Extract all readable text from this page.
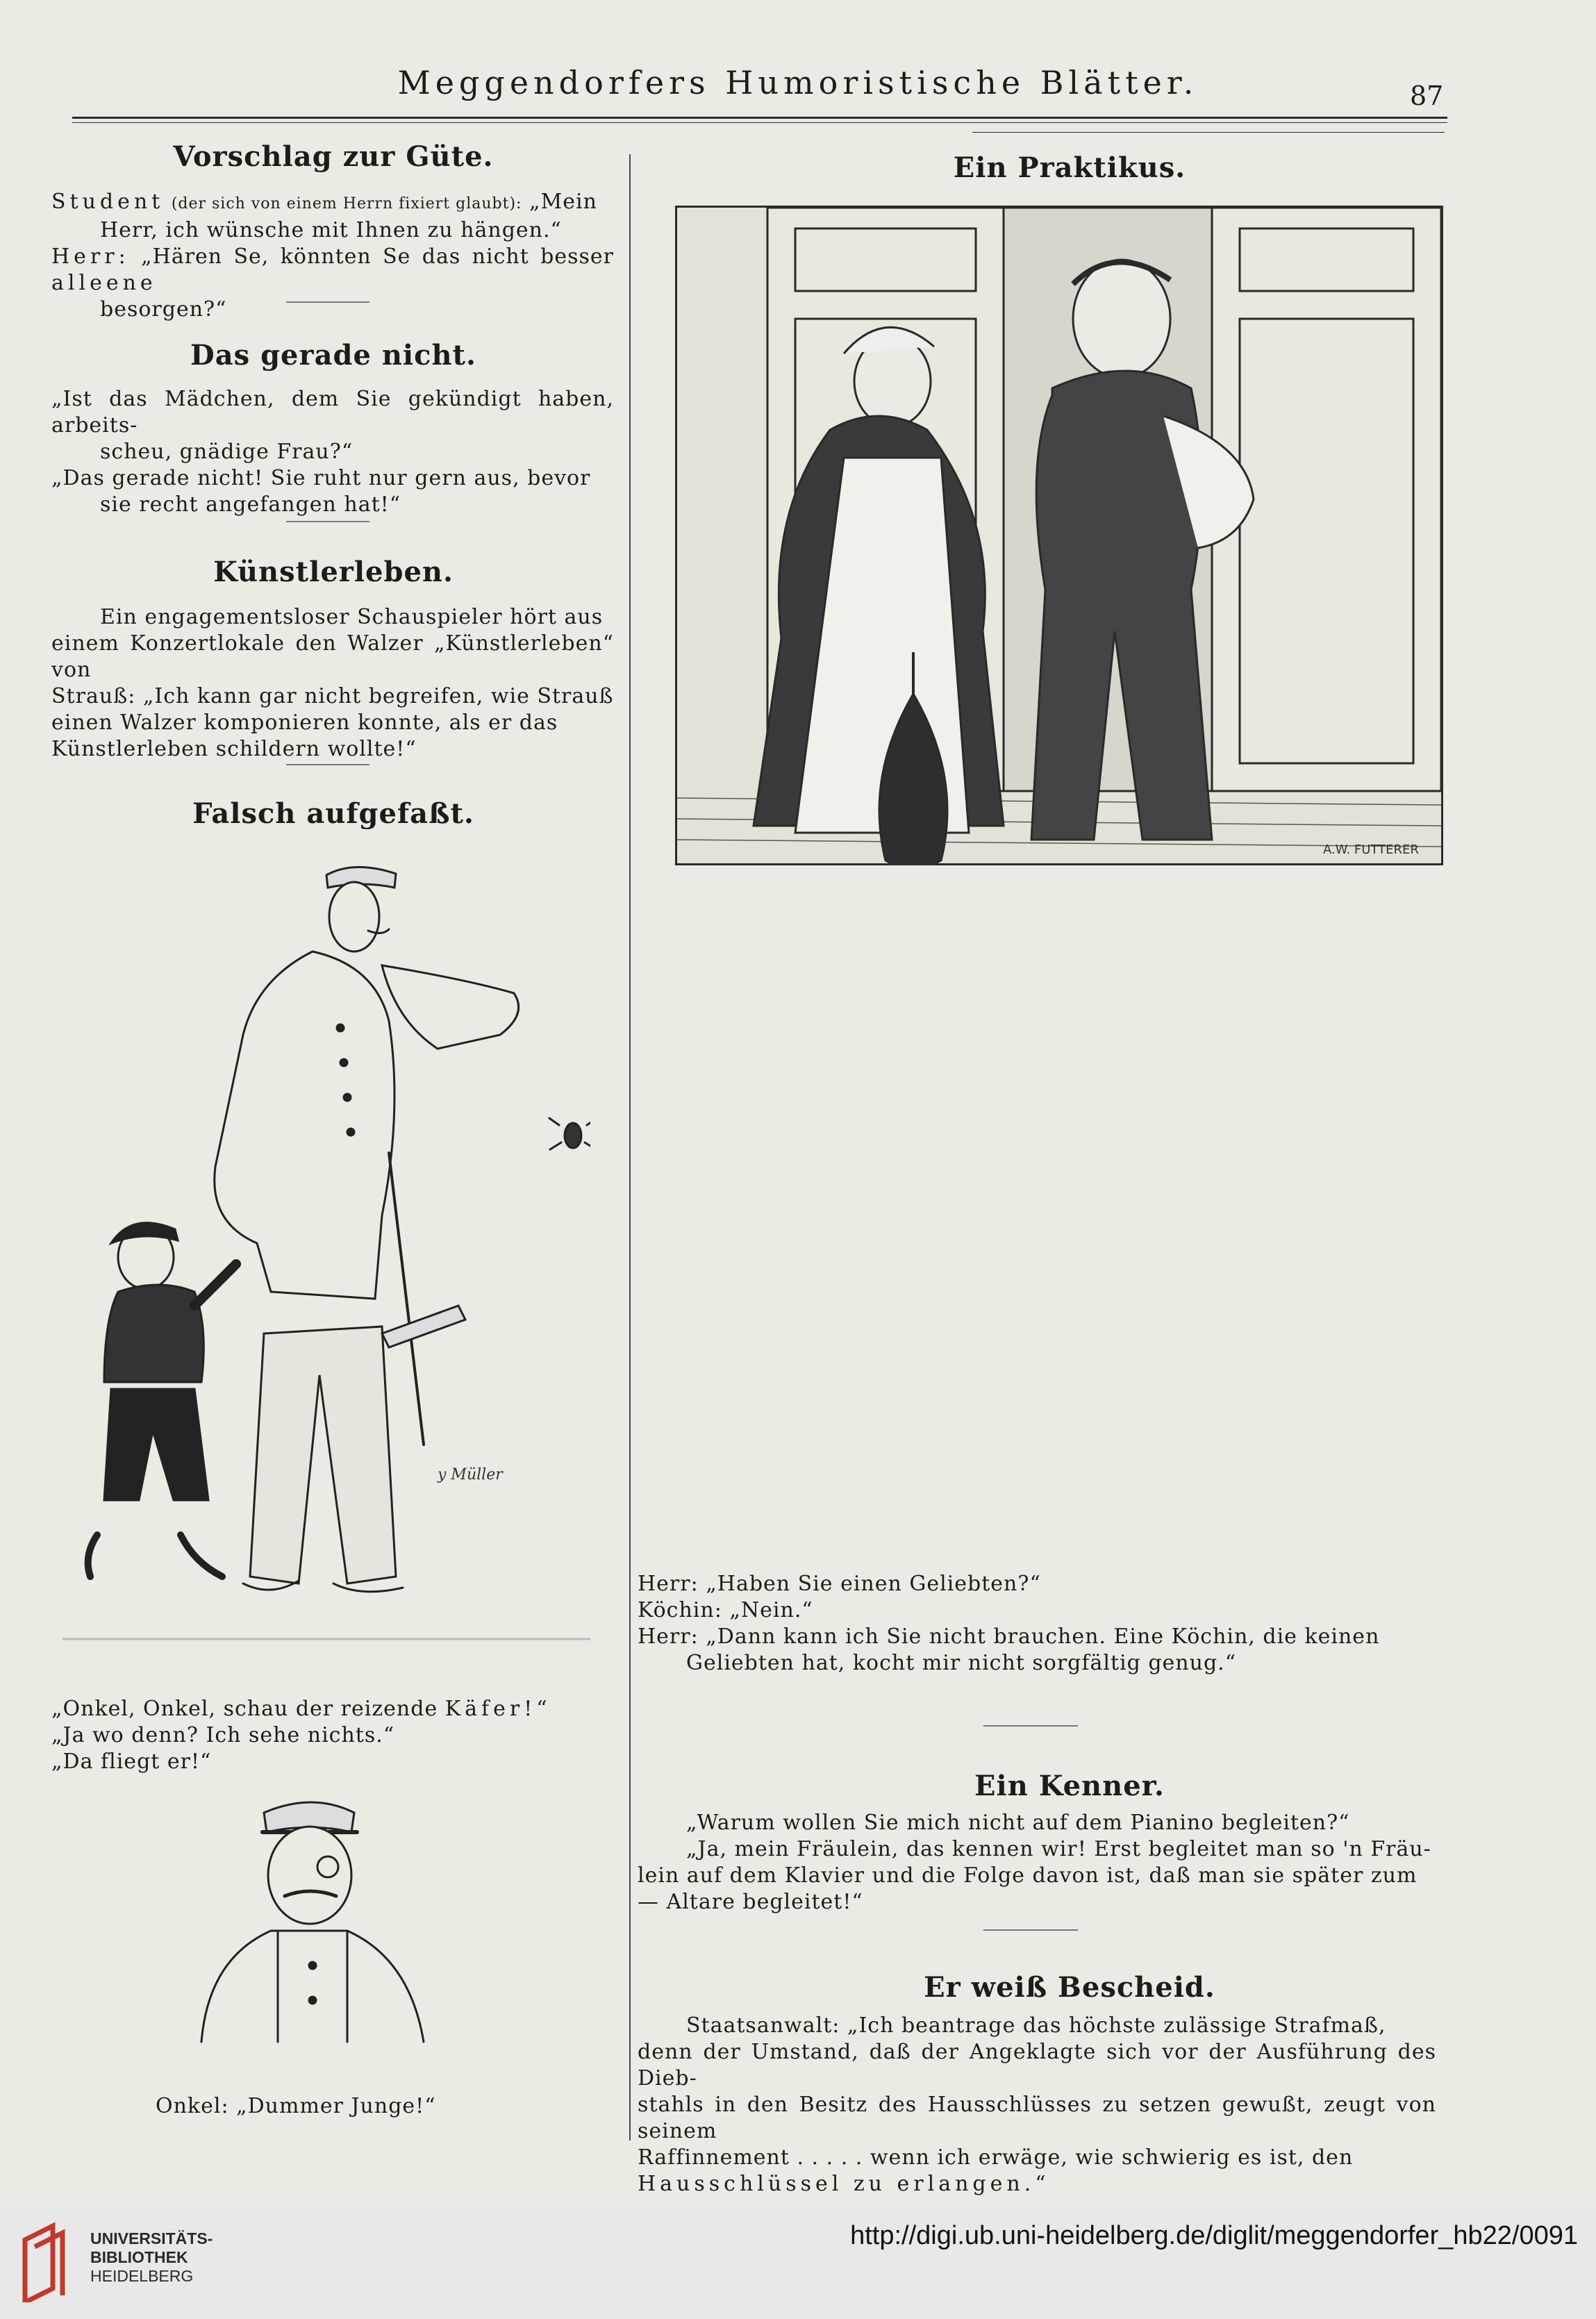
Meggendorfers Humoristische Blätter.	87
Vorschlag zur Güte.
Student (der sich von einem Herrn fixiert glaubt): „Mein
Herr, ich wünsche mit Ihnen zu hängen.“
Herr: „Hären Se, könnten Se das nicht besser alleene
besorgen?“
Das gerade nicht.
„Ist das Mädchen, dem Sie gekündigt haben, arbeits-
scheu, gnädige Frau?“
„Das gerade nicht! Sie ruht nur gern aus, bevor
sie recht angefangen hat!“
Künstlerleben.
Ein engagementsloser Schauspieler hört aus
einem Konzertlokale den Walzer „Künstlerleben“ von
Strauß: „Ich kann gar nicht begreifen, wie Strauß
einen Walzer komponieren konnte, als er das
Künstlerleben schildern wollte!“
Falsch aufgefaßt.
y Müller
„Onkel, Onkel, schau der reizende Käfer!“
„Ja wo denn? Ich sehe nichts.“
„Da fliegt er!“
Onkel: „Dummer Junge!“
Ein Praktikus.
A.W. FUTTERER
Herr: „Haben Sie einen Geliebten?“
Köchin: „Nein.“
Herr: „Dann kann ich Sie nicht brauchen. Eine Köchin, die keinen
Geliebten hat, kocht mir nicht sorgfältig genug.“
Ein Kenner.
„Warum wollen Sie mich nicht auf dem Pianino begleiten?“
„Ja, mein Fräulein, das kennen wir! Erst begleitet man so 'n Fräu-
lein auf dem Klavier und die Folge davon ist, daß man sie später zum
— Altare begleitet!“
Er weiß Bescheid.
Staatsanwalt: „Ich beantrage das höchste zulässige Strafmaß,
denn der Umstand, daß der Angeklagte sich vor der Ausführung des Dieb-
stahls in den Besitz des Hausschlüsses zu setzen gewußt, zeugt von seinem
Raffinnement . . . . . wenn ich erwäge, wie schwierig es ist, den
Hausschlüssel zu erlangen.“
UNIVERSITÄTS-
BIBLIOTHEK
HEIDELBERG
http://digi.ub.uni-heidelberg.de/diglit/meggendorfer_hb22/0091
